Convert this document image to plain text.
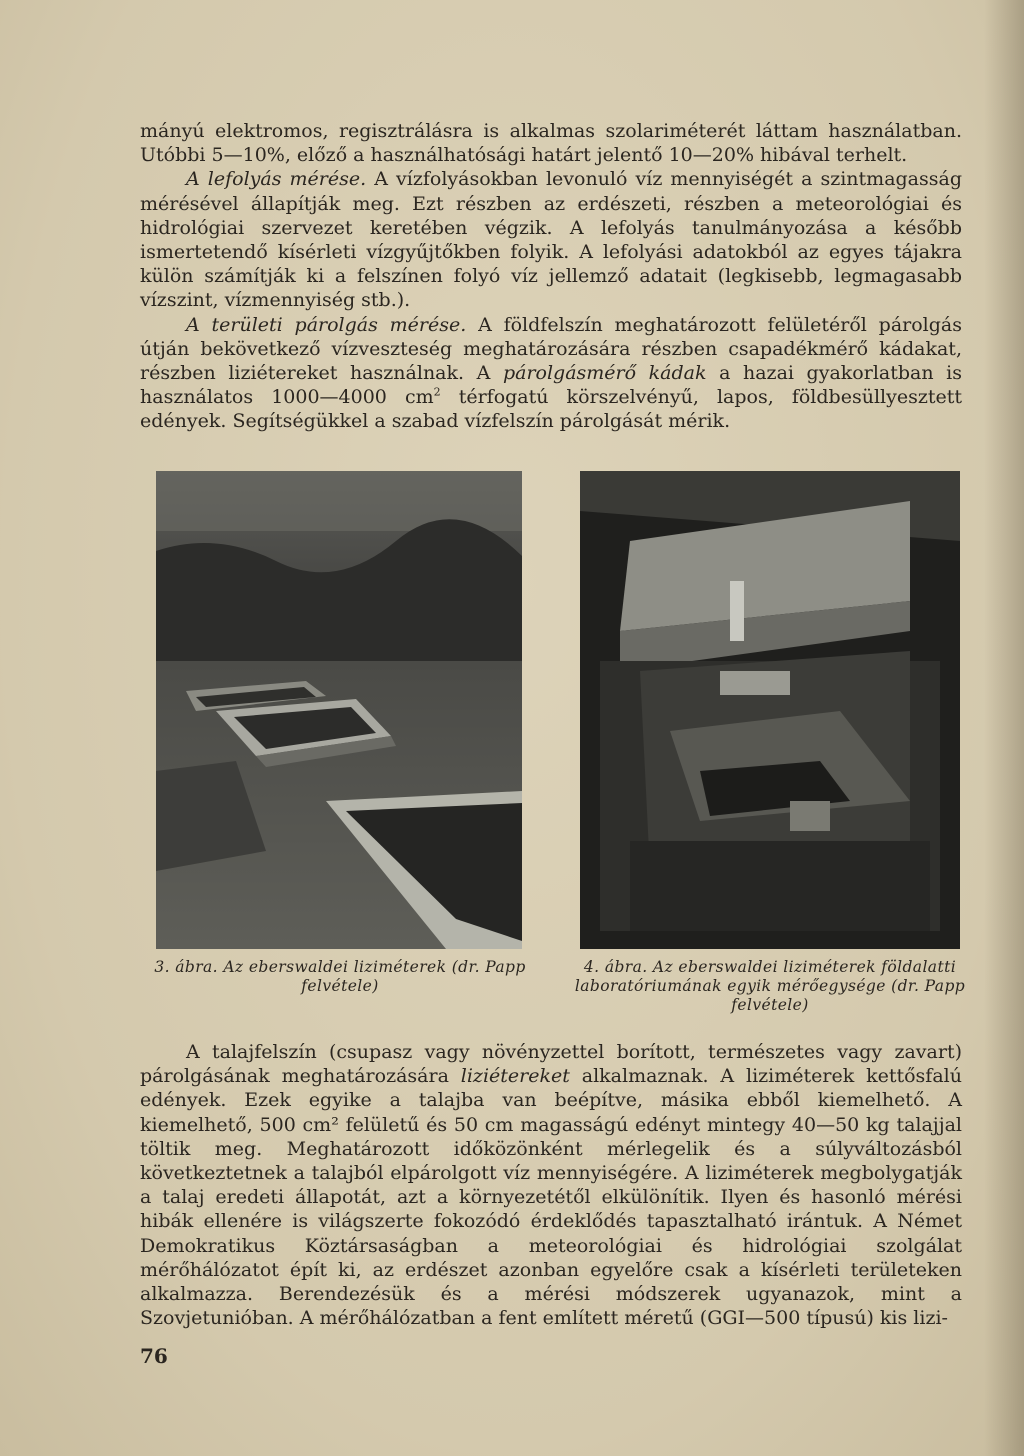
mányú elektromos, regisztrálásra is alkalmas szolariméterét láttam használatban. Utóbbi 5—10%, előző a használhatósági határt jelentő 10—20% hibával terhelt.

A lefolyás mérése. A vízfolyásokban levonuló víz mennyiségét a szintmagasság mérésével állapítják meg. Ezt részben az erdészeti, részben a meteorológiai és hidrológiai szervezet keretében végzik. A lefolyás tanulmányozása a később ismertetendő kísérleti vízgyűjtőkben folyik. A lefolyási adatokból az egyes tájakra külön számítják ki a felszínen folyó víz jellemző adatait (legkisebb, legmagasabb vízszint, vízmennyiség stb.).

A területi párolgás mérése. A földfelszín meghatározott felületéről párolgás útján bekövetkező vízveszteség meghatározására részben csapadékmérő kádakat, részben liziétereket használnak. A párolgásmérő kádak a hazai gyakorlatban is használatos 1000—4000 $cm^2$ térfogatú körszelvényű, lapos, földbesüllyesztett edények. Segítségükkel a szabad vízfelszín párolgását mérik.

3. ábra. Az eberswaldei liziméterek (dr. Papp felvétele)
4. ábra. Az eberswaldei liziméterek földalatti laboratóriumának egyik mérőegysége (dr. Papp felvétele)

A talajfelszín (csupasz vagy növényzettel borított, természetes vagy zavart) párolgásának meghatározására liziétereket alkalmaznak. A liziméterek kettősfalú edények. Ezek egyike a talajba van beépítve, másika ebből kiemelhető. A kiemelhető, 500 cm² felületű és 50 cm magasságú edényt mintegy 40—50 kg talajjal töltik meg. Meghatározott időközönként mérlegelik és a súlyváltozásból következtetnek a talajból elpárolgott víz mennyiségére. A liziméterek megbolygatják a talaj eredeti állapotát, azt a környezetétől elkülönítik. Ilyen és hasonló mérési hibák ellenére is világszerte fokozódó érdeklődés tapasztalható irántuk. A Német Demokratikus Köztársaságban a meteorológiai és hidrológiai szolgálat mérőhálózatot épít ki, az erdészet azonban egyelőre csak a kísérleti területeken alkalmazza. Berendezésük és a mérési módszerek ugyanazok, mint a Szovjetunióban. A mérőhálózatban a fent említett méretű (GGI—500 típusú) kis lizi-

76
